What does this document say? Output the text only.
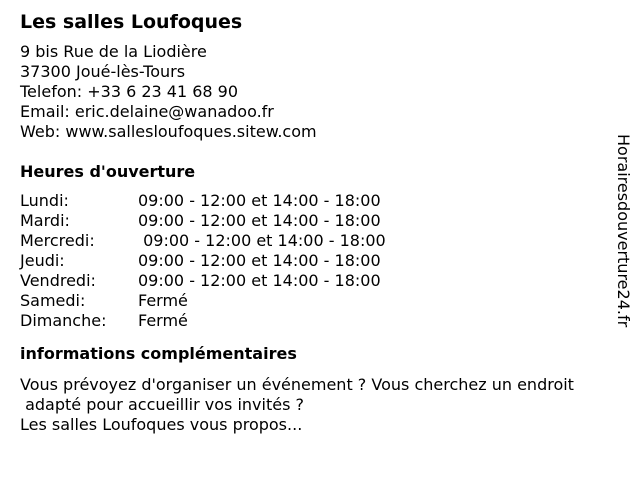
Les salles Loufoques
9 bis Rue de la Liodière
37300 Joué-lès-Tours
Telefon: +33 6 23 41 68 90
Email: eric.delaine@wanadoo.fr
Web: www.sallesloufoques.sitew.com
Heures d'ouverture
Lundi:	09:00 - 12:00 et 14:00 - 18:00
Mardi:	09:00 - 12:00 et 14:00 - 18:00
Mercredi:	09:00 - 12:00 et 14:00 - 18:00
Jeudi:	09:00 - 12:00 et 14:00 - 18:00
Vendredi:	09:00 - 12:00 et 14:00 - 18:00
Samedi:	Fermé
Dimanche:	Fermé
informations complémentaires
Vous prévoyez d'organiser un événement ? Vous cherchez un endroit
adapté pour accueillir vos invités ?
Les salles Loufoques vous propos...
Horairesdouverture24.fr
